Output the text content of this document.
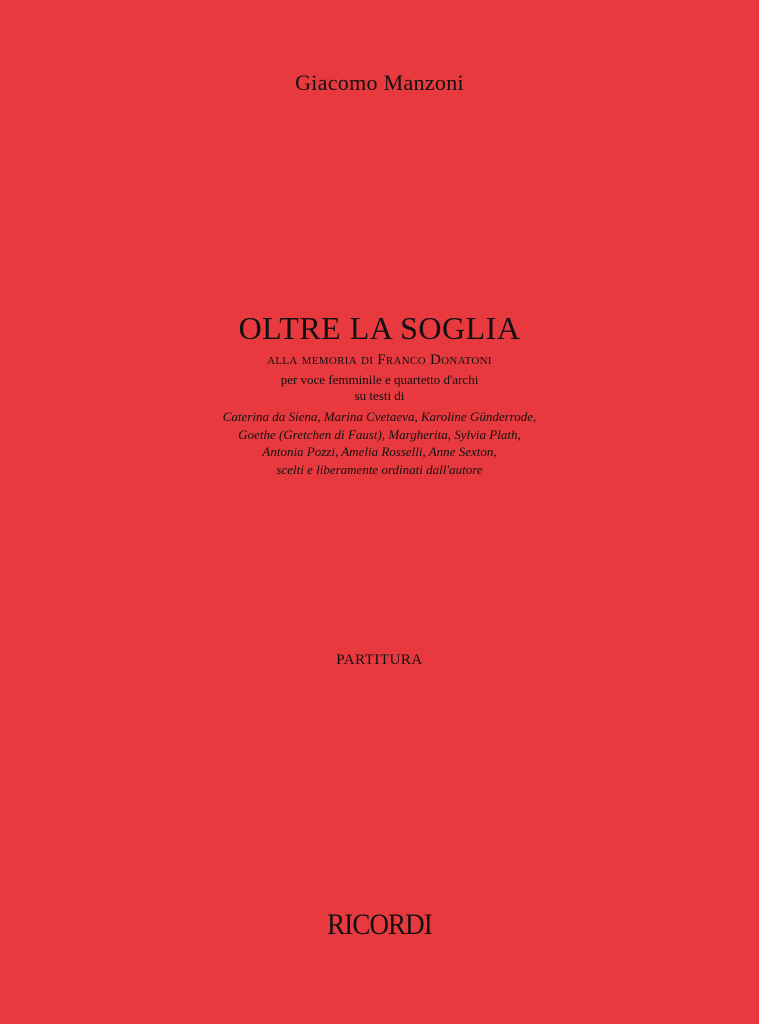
Giacomo Manzoni
OLTRE LA SOGLIA
alla memoria di Franco Donatoni
per voce femminile e quartetto d'archi
su testi di
Caterina da Siena, Marina Cvetaeva, Karoline Günderrode,
Goethe (Gretchen di Faust), Margherita, Sylvia Plath,
Antonia Pozzi, Amelia Rosselli, Anne Sexton,
scelti e liberamente ordinati dall'autore
PARTITURA
RICORDI
